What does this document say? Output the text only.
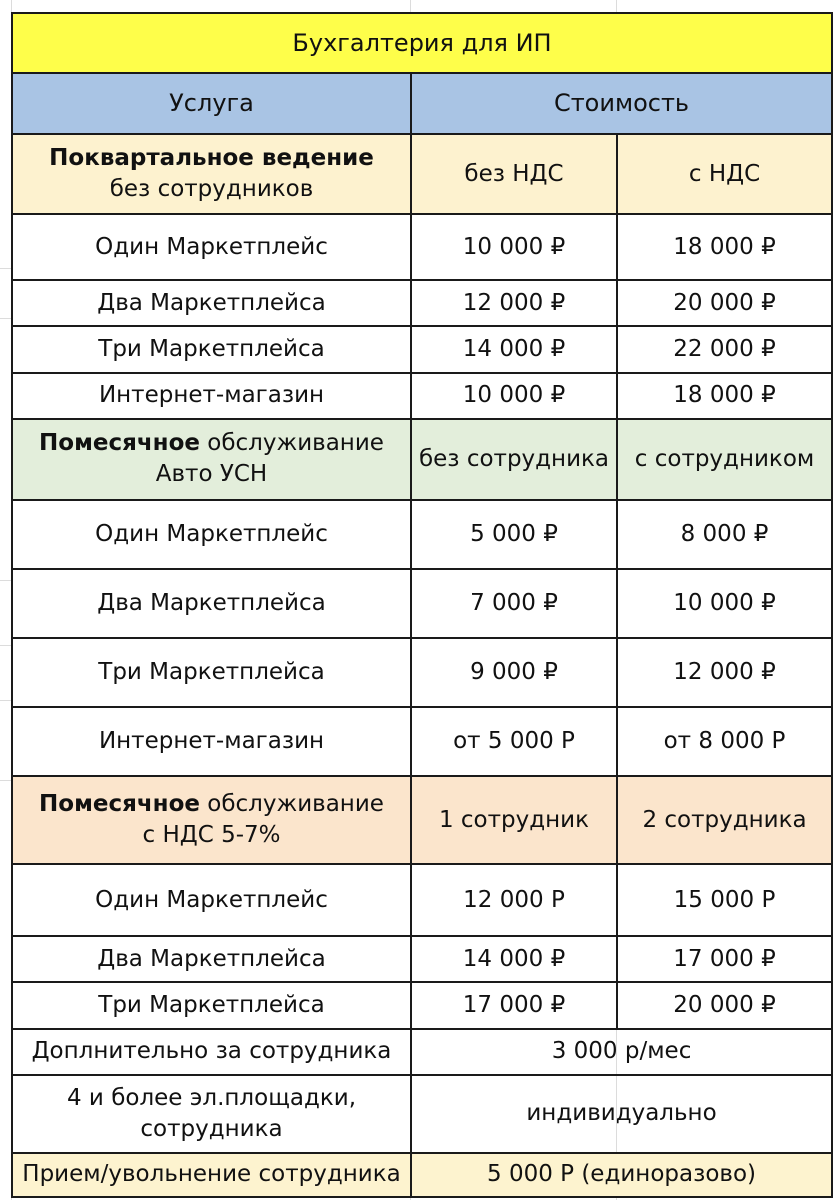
Бухгалтерия для ИП		
Услуга	Стоимость	
Поквартальное ведение
без сотрудников	без НДС	с НДС
Один Маркетплейс	10 000 ₽	18 000 ₽
Два Маркетплейса	12 000 ₽	20 000 ₽
Три Маркетплейса	14 000 ₽	22 000 ₽
Интернет-магазин	10 000 ₽	18 000 ₽
Помесячное обслуживание
Авто УСН	без сотрудника	с сотрудником
Один Маркетплейс	5 000 ₽	8 000 ₽
Два Маркетплейса	7 000 ₽	10 000 ₽
Три Маркетплейса	9 000 ₽	12 000 ₽
Интернет-магазин	от 5 000 Р	от 8 000 Р
Помесячное обслуживание
с НДС 5-7%	1 сотрудник	2 сотрудника
Один Маркетплейс	12 000 Р	15 000 Р
Два Маркетплейса	14 000 ₽	17 000 ₽
Три Маркетплейса	17 000 ₽	20 000 ₽
Доплнительно за сотрудника	3 000 р/мес	
4 и более эл.площадки,
сотрудника	индивидуально	
Прием/увольнение сотрудника	5 000 Р (единоразово)	
